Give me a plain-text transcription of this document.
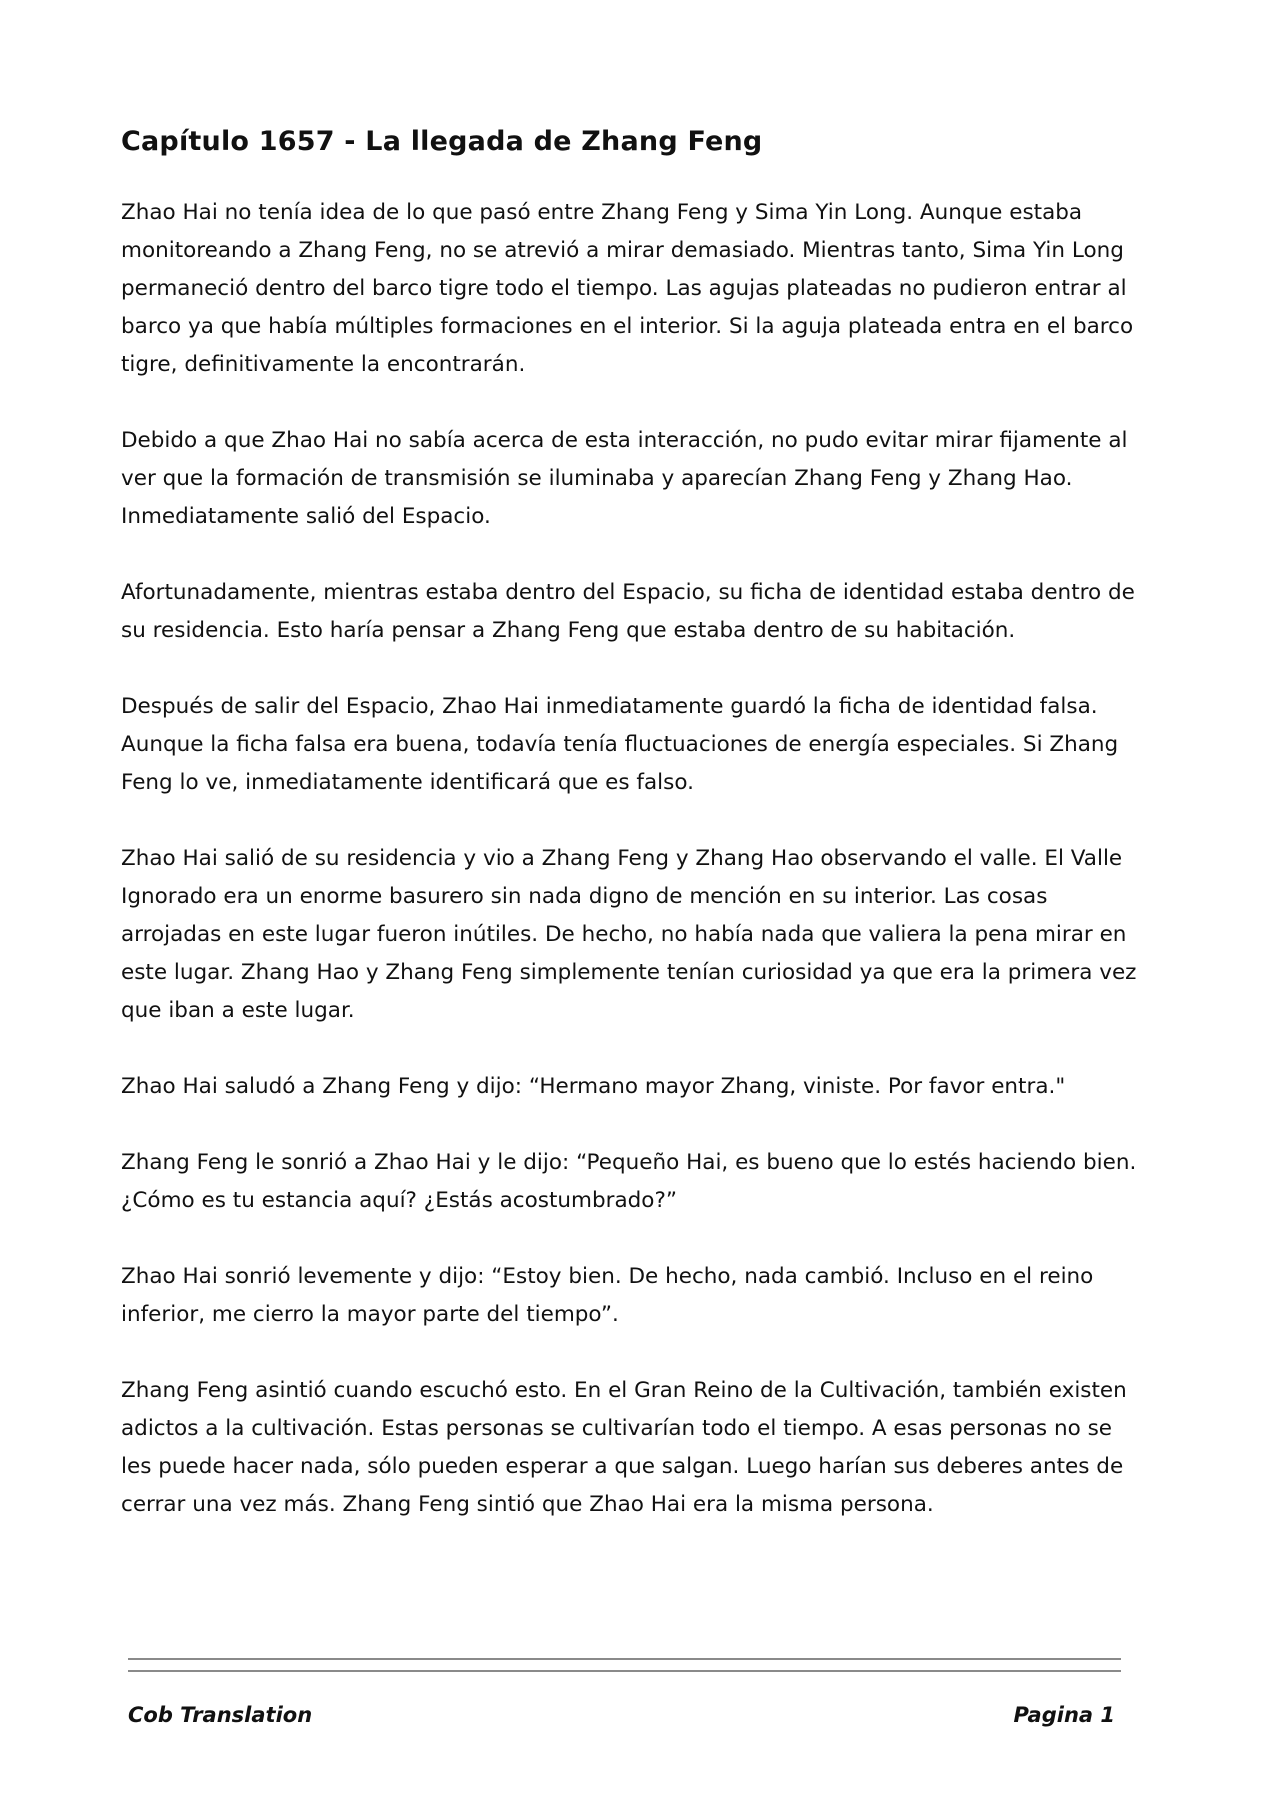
Capítulo 1657 - La llegada de Zhang Feng

Zhao Hai no tenía idea de lo que pasó entre Zhang Feng y Sima Yin Long. Aunque estaba monitoreando a Zhang Feng, no se atrevió a mirar demasiado. Mientras tanto, Sima Yin Long permaneció dentro del barco tigre todo el tiempo. Las agujas plateadas no pudieron entrar al barco ya que había múltiples formaciones en el interior. Si la aguja plateada entra en el barco tigre, definitivamente la encontrarán.

Debido a que Zhao Hai no sabía acerca de esta interacción, no pudo evitar mirar fijamente al ver que la formación de transmisión se iluminaba y aparecían Zhang Feng y Zhang Hao. Inmediatamente salió del Espacio.

Afortunadamente, mientras estaba dentro del Espacio, su ficha de identidad estaba dentro de su residencia. Esto haría pensar a Zhang Feng que estaba dentro de su habitación.

Después de salir del Espacio, Zhao Hai inmediatamente guardó la ficha de identidad falsa. Aunque la ficha falsa era buena, todavía tenía fluctuaciones de energía especiales. Si Zhang Feng lo ve, inmediatamente identificará que es falso.

Zhao Hai salió de su residencia y vio a Zhang Feng y Zhang Hao observando el valle. El Valle Ignorado era un enorme basurero sin nada digno de mención en su interior. Las cosas arrojadas en este lugar fueron inútiles. De hecho, no había nada que valiera la pena mirar en este lugar. Zhang Hao y Zhang Feng simplemente tenían curiosidad ya que era la primera vez que iban a este lugar.

Zhao Hai saludó a Zhang Feng y dijo: “Hermano mayor Zhang, viniste. Por favor entra."

Zhang Feng le sonrió a Zhao Hai y le dijo: “Pequeño Hai, es bueno que lo estés haciendo bien. ¿Cómo es tu estancia aquí? ¿Estás acostumbrado?”

Zhao Hai sonrió levemente y dijo: “Estoy bien. De hecho, nada cambió. Incluso en el reino inferior, me cierro la mayor parte del tiempo”.

Zhang Feng asintió cuando escuchó esto. En el Gran Reino de la Cultivación, también existen adictos a la cultivación. Estas personas se cultivarían todo el tiempo. A esas personas no se les puede hacer nada, sólo pueden esperar a que salgan. Luego harían sus deberes antes de cerrar una vez más. Zhang Feng sintió que Zhao Hai era la misma persona.

Cob Translation	Pagina 1
